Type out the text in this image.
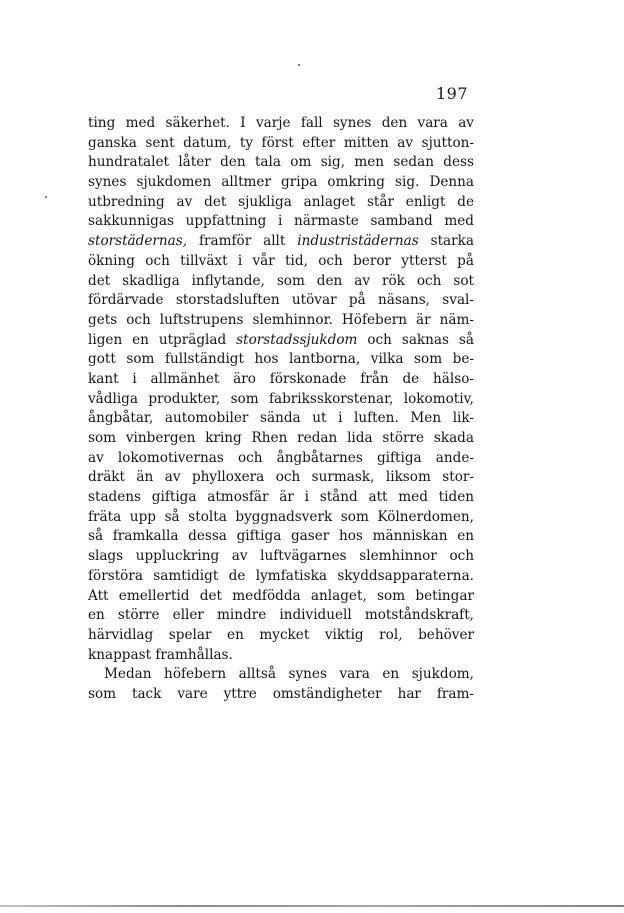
197
ting med säkerhet. I varje fall synes den vara av
ganska sent datum, ty först efter mitten av sjutton-
hundratalet låter den tala om sig, men sedan dess
synes sjukdomen alltmer gripa omkring sig. Denna
utbredning av det sjukliga anlaget står enligt de
sakkunnigas uppfattning i närmaste samband med
storstädernas, framför allt industristädernas starka
ökning och tillväxt i vår tid, och beror ytterst på
det skadliga inflytande, som den av rök och sot
fördärvade storstadsluften utövar på näsans, sval-
gets och luftstrupens slemhinnor. Höfebern är näm-
ligen en utpräglad storstadssjukdom och saknas så
gott som fullständigt hos lantborna, vilka som be-
kant i allmänhet äro förskonade från de hälso-
vådliga produkter, som fabriksskorstenar, lokomotiv,
ångbåtar, automobiler sända ut i luften. Men lik-
som vinbergen kring Rhen redan lida större skada
av lokomotivernas och ångbåtarnes giftiga ande-
dräkt än av phylloxera och surmask, liksom stor-
stadens giftiga atmosfär är i stånd att med tiden
fräta upp så stolta byggnadsverk som Kölnerdomen,
så framkalla dessa giftiga gaser hos människan en
slags uppluckring av luftvägarnes slemhinnor och
förstöra samtidigt de lymfatiska skyddsapparaterna.
Att emellertid det medfödda anlaget, som betingar
en större eller mindre individuell motståndskraft,
härvidlag spelar en mycket viktig rol, behöver
knappast framhållas.
Medan höfebern alltså synes vara en sjukdom,
som tack vare yttre omständigheter har fram-
